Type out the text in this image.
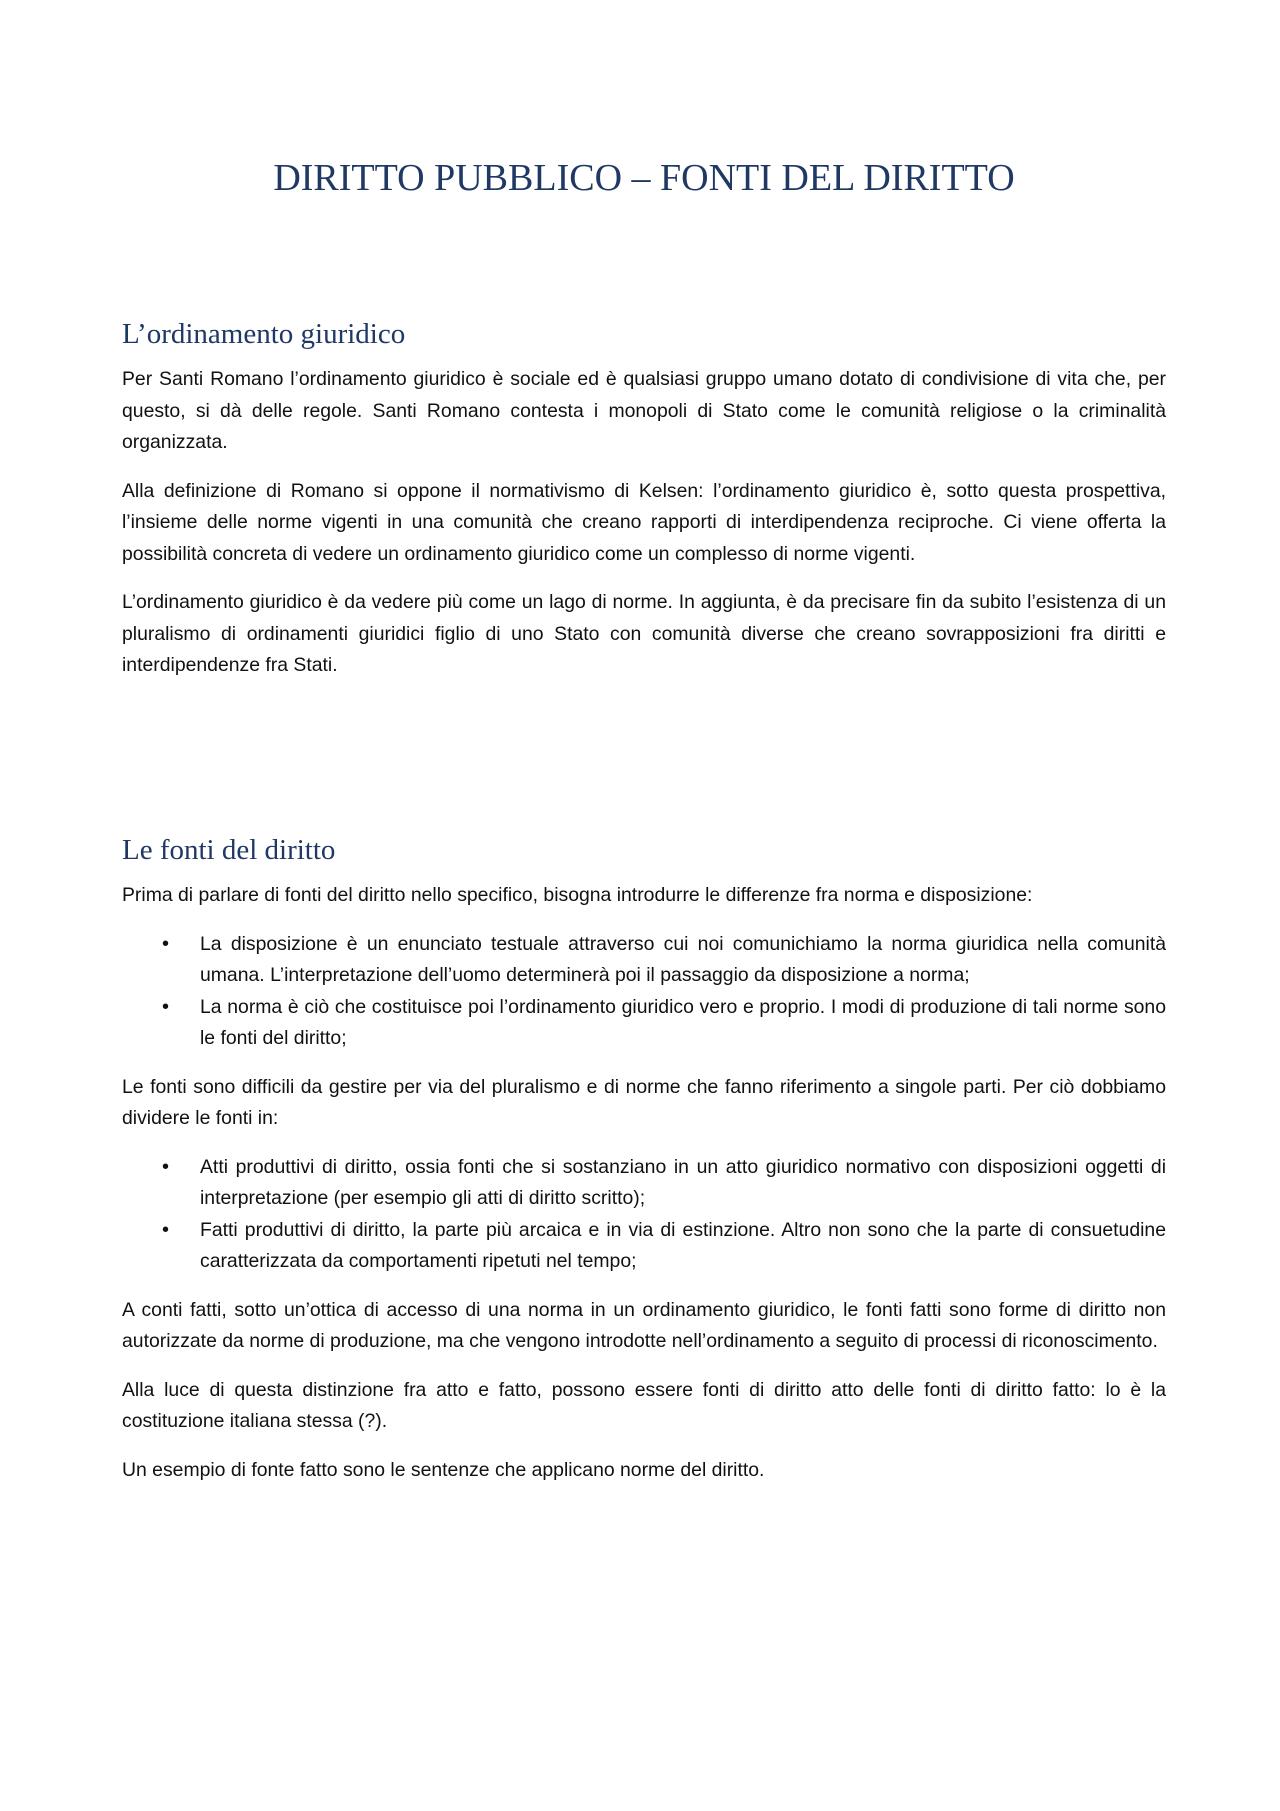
DIRITTO PUBBLICO – FONTI DEL DIRITTO
L’ordinamento giuridico

Per Santi Romano l’ordinamento giuridico è sociale ed è qualsiasi gruppo umano dotato di condivisione di vita che, per questo, si dà delle regole. Santi Romano contesta i monopoli di Stato come le comunità religiose o la criminalità organizzata.

Alla definizione di Romano si oppone il normativismo di Kelsen: l’ordinamento giuridico è, sotto questa prospettiva, l’insieme delle norme vigenti in una comunità che creano rapporti di interdipendenza reciproche. Ci viene offerta la possibilità concreta di vedere un ordinamento giuridico come un complesso di norme vigenti.

L’ordinamento giuridico è da vedere più come un lago di norme. In aggiunta, è da precisare fin da subito l’esistenza di un pluralismo di ordinamenti giuridici figlio di uno Stato con comunità diverse che creano sovrapposizioni fra diritti e interdipendenze fra Stati.

Le fonti del diritto

Prima di parlare di fonti del diritto nello specifico, bisogna introdurre le differenze fra norma e disposizione:

• La disposizione è un enunciato testuale attraverso cui noi comunichiamo la norma giuridica nella comunità umana. L’interpretazione dell’uomo determinerà poi il passaggio da disposizione a norma;
• La norma è ciò che costituisce poi l’ordinamento giuridico vero e proprio. I modi di produzione di tali norme sono le fonti del diritto;

Le fonti sono difficili da gestire per via del pluralismo e di norme che fanno riferimento a singole parti. Per ciò dobbiamo dividere le fonti in:

• Atti produttivi di diritto, ossia fonti che si sostanziano in un atto giuridico normativo con disposizioni oggetti di interpretazione (per esempio gli atti di diritto scritto);
• Fatti produttivi di diritto, la parte più arcaica e in via di estinzione. Altro non sono che la parte di consuetudine caratterizzata da comportamenti ripetuti nel tempo;

A conti fatti, sotto un’ottica di accesso di una norma in un ordinamento giuridico, le fonti fatti sono forme di diritto non autorizzate da norme di produzione, ma che vengono introdotte nell’ordinamento a seguito di processi di riconoscimento.

Alla luce di questa distinzione fra atto e fatto, possono essere fonti di diritto atto delle fonti di diritto fatto: lo è la costituzione italiana stessa (?).

Un esempio di fonte fatto sono le sentenze che applicano norme del diritto.
